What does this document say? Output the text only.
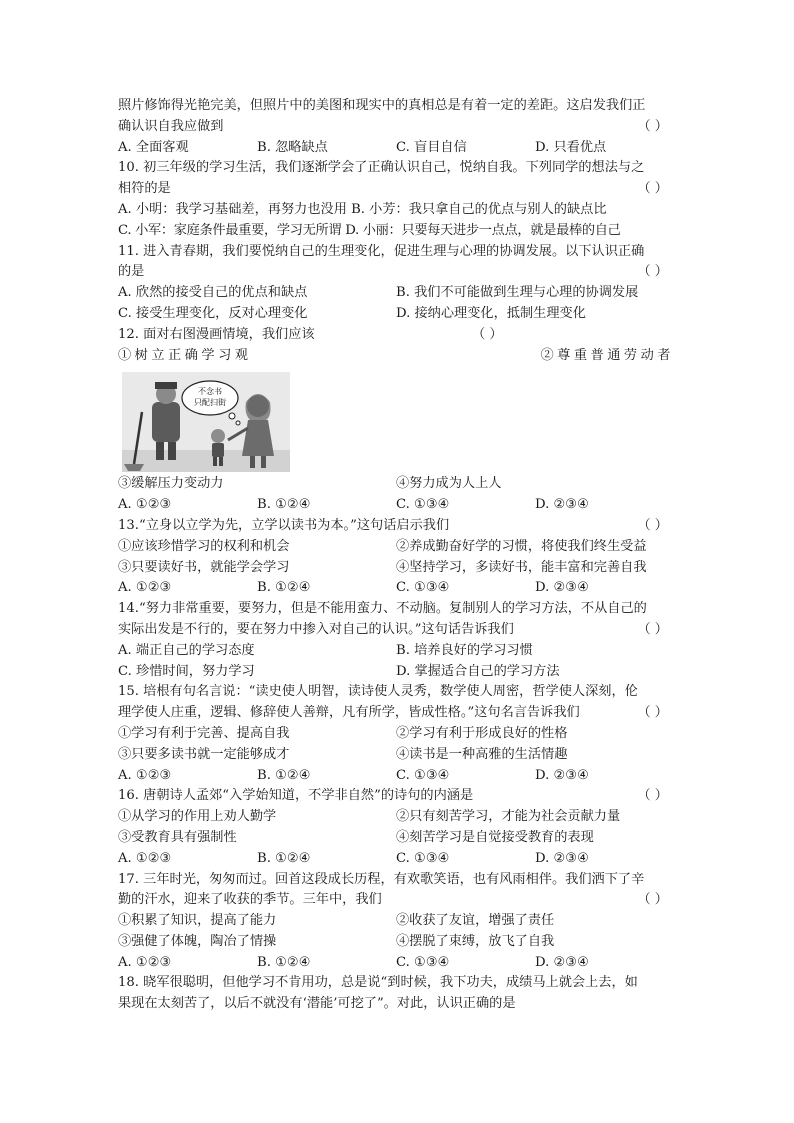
照片修饰得光艳完美，但照片中的美图和现实中的真相总是有着一定的差距。这启发我们正
确认识自我应做到	（ ）
A. 全面客观	B. 忽略缺点	C. 盲目自信	D. 只看优点
10. 初三年级的学习生活，我们逐渐学会了正确认识自己，悦纳自我。下列同学的想法与之
相符的是	（ ）
A. 小明：我学习基础差，再努力也没用 B. 小芳：我只拿自己的优点与别人的缺点比
C. 小军：家庭条件最重要，学习无所谓 D. 小丽：只要每天进步一点点，就是最棒的自己
11. 进入青春期，我们要悦纳自己的生理变化，促进生理与心理的协调发展。以下认识正确
的是	（ ）
A. 欣然的接受自己的优点和缺点	B. 我们不可能做到生理与心理的协调发展
C. 接受生理变化，反对心理变化	D. 接纳心理变化，抵制生理变化
12. 面对右图漫画情境，我们应该	（ ）
①树立正确学习观	②尊重普通劳动者
不念书
只配扫街
③缓解压力变动力	④努力成为人上人
A. ①②③	B. ①②④	C. ①③④	D. ②③④
13.“立身以立学为先，立学以读书为本。”这句话启示我们	（ ）
①应该珍惜学习的权利和机会	②养成勤奋好学的习惯，将使我们终生受益
③只要读好书，就能学会学习	④坚持学习，多读好书，能丰富和完善自我
A. ①②③	B. ①②④	C. ①③④	D. ②③④
14.“努力非常重要，要努力，但是不能用蛮力、不动脑。复制别人的学习方法，不从自己的
实际出发是不行的，要在努力中掺入对自己的认识。”这句话告诉我们	（ ）
A. 端正自己的学习态度	B. 培养良好的学习习惯
C. 珍惜时间，努力学习	D. 掌握适合自己的学习方法
15. 培根有句名言说：“读史使人明智，读诗使人灵秀，数学使人周密，哲学使人深刻，伦
理学使人庄重，逻辑、修辞使人善辩，凡有所学，皆成性格。”这句名言告诉我们	（ ）
①学习有利于完善、提高自我	②学习有利于形成良好的性格
③只要多读书就一定能够成才	④读书是一种高雅的生活情趣
A. ①②③	B. ①②④	C. ①③④	D. ②③④
16. 唐朝诗人孟郊“入学始知道，不学非自然”的诗句的内涵是	（ ）
①从学习的作用上劝人勤学	②只有刻苦学习，才能为社会贡献力量
③受教育具有强制性	④刻苦学习是自觉接受教育的表现
A. ①②③	B. ①②④	C. ①③④	D. ②③④
17. 三年时光，匆匆而过。回首这段成长历程，有欢歌笑语，也有风雨相伴。我们洒下了辛
勤的汗水，迎来了收获的季节。三年中，我们	（ ）
①积累了知识，提高了能力	②收获了友谊，增强了责任
③强健了体魄，陶冶了情操	④摆脱了束缚，放飞了自我
A. ①②③	B. ①②④	C. ①③④	D. ②③④
18. 晓军很聪明，但他学习不肯用功，总是说“到时候，我下功夫，成绩马上就会上去，如
果现在太刻苦了，以后不就没有‘潜能’可挖了”。对此，认识正确的是
